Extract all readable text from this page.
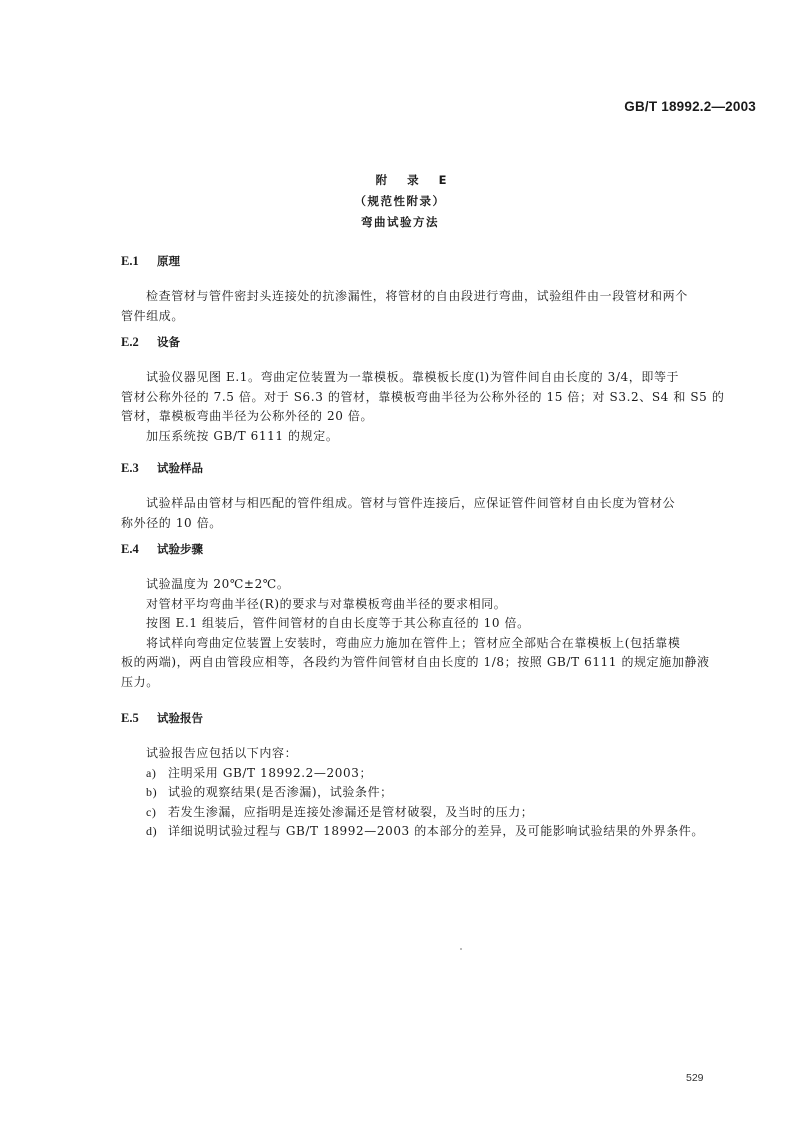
GB/T 18992.2—2003
附 录 E
（规范性附录）
弯曲试验方法
E.1 原理
检查管材与管件密封头连接处的抗渗漏性，将管材的自由段进行弯曲，试验组件由一段管材和两个
管件组成。
E.2 设备
试验仪器见图 E.1。弯曲定位装置为一靠模板。靠模板长度(l)为管件间自由长度的 3/4，即等于
管材公称外径的 7.5 倍。对于 S6.3 的管材，靠模板弯曲半径为公称外径的 15 倍；对 S3.2、S4 和 S5 的
管材，靠模板弯曲半径为公称外径的 20 倍。
加压系统按 GB/T 6111 的规定。
E.3 试验样品
试验样品由管材与相匹配的管件组成。管材与管件连接后，应保证管件间管材自由长度为管材公
称外径的 10 倍。
E.4 试验步骤
试验温度为 20℃±2℃。
对管材平均弯曲半径(R)的要求与对靠模板弯曲半径的要求相同。
按图 E.1 组装后，管件间管材的自由长度等于其公称直径的 10 倍。
将试样向弯曲定位装置上安装时，弯曲应力施加在管件上；管材应全部贴合在靠模板上(包括靠模
板的两端)，两自由管段应相等，各段约为管件间管材自由长度的 1/8；按照 GB/T 6111 的规定施加静液
压力。
E.5 试验报告
试验报告应包括以下内容：
a) 注明采用 GB/T 18992.2—2003；
b) 试验的观察结果(是否渗漏)，试验条件；
c) 若发生渗漏，应指明是连接处渗漏还是管材破裂，及当时的压力；
d) 详细说明试验过程与 GB/T 18992—2003 的本部分的差异，及可能影响试验结果的外界条件。
529
